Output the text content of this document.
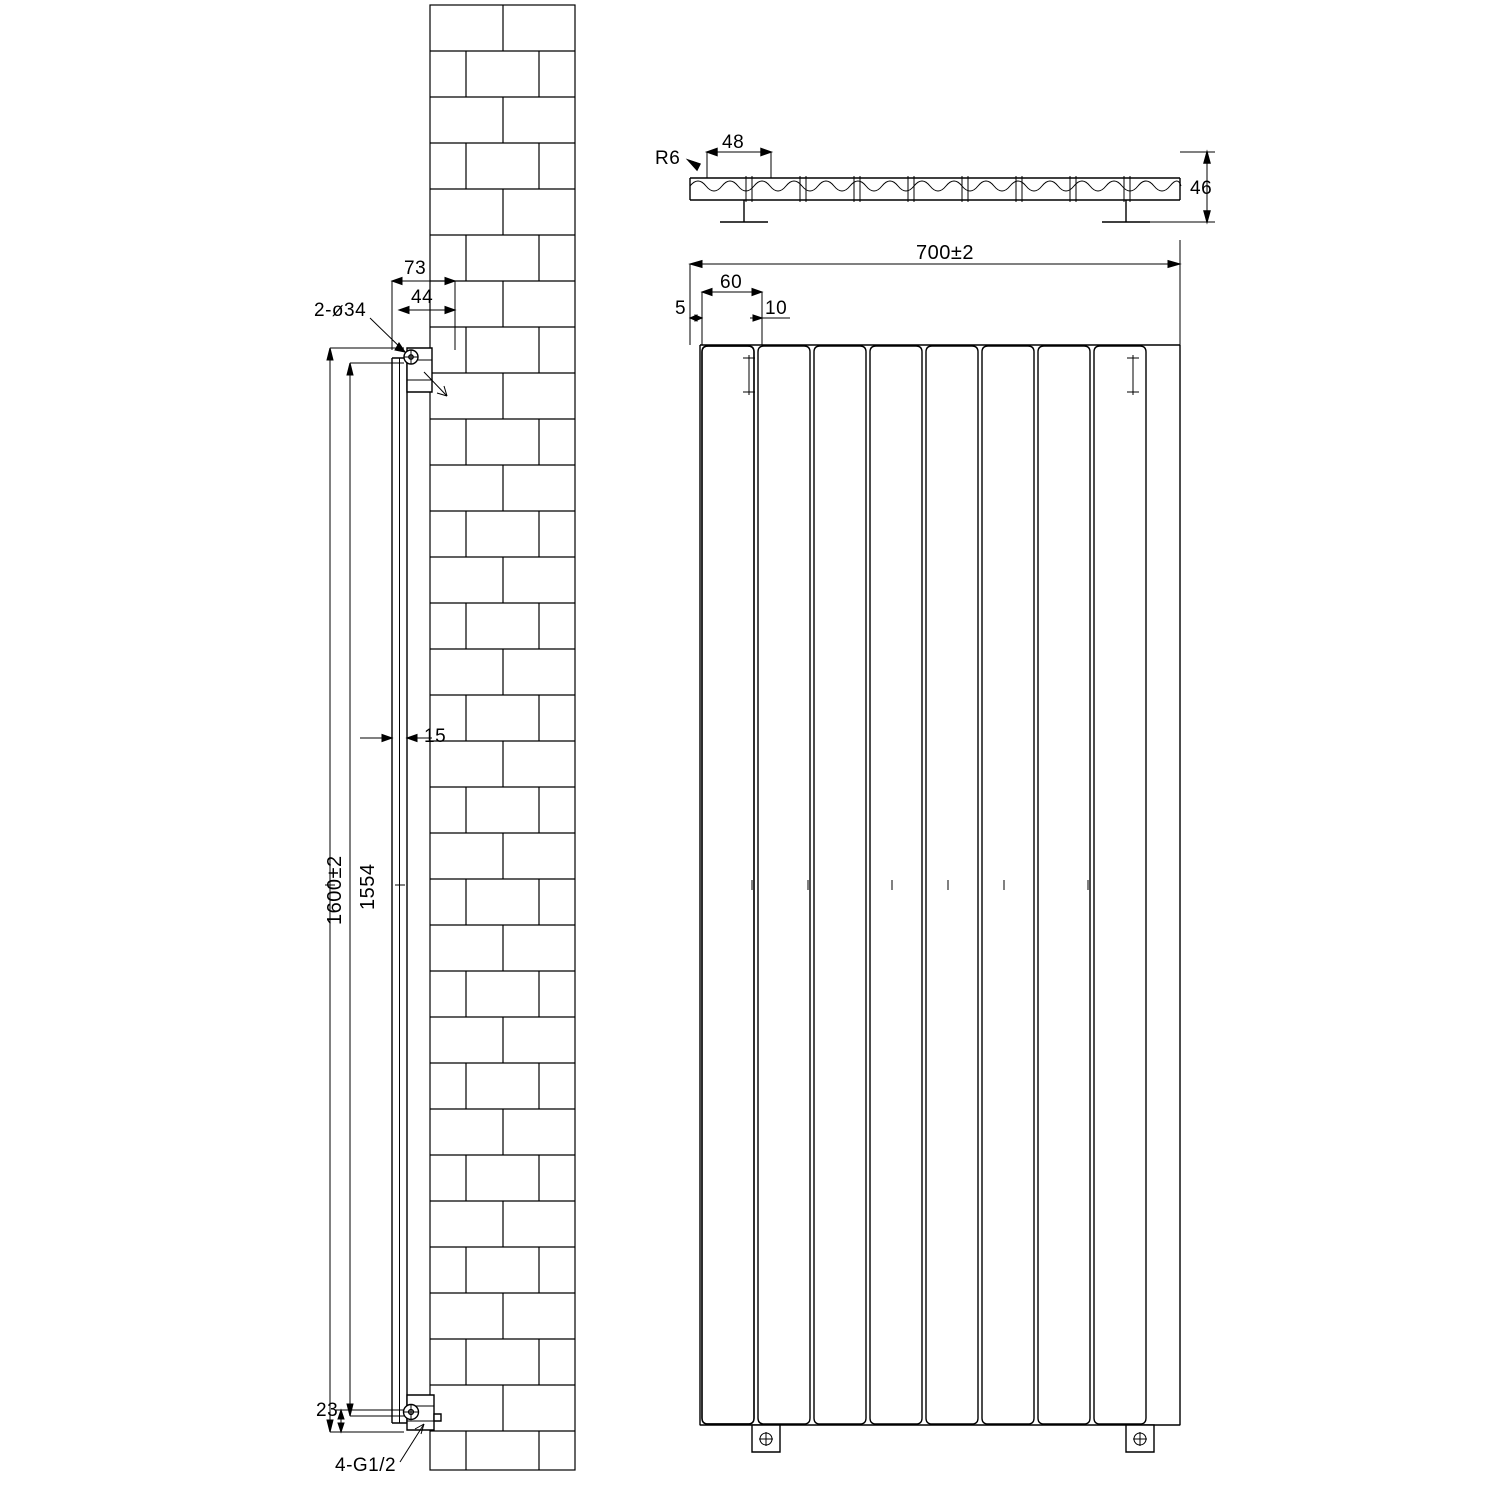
73
44
2-ø34
15
1600±2 1554
23
4-G1/2
R6
48
46
700±2
60
5	10
